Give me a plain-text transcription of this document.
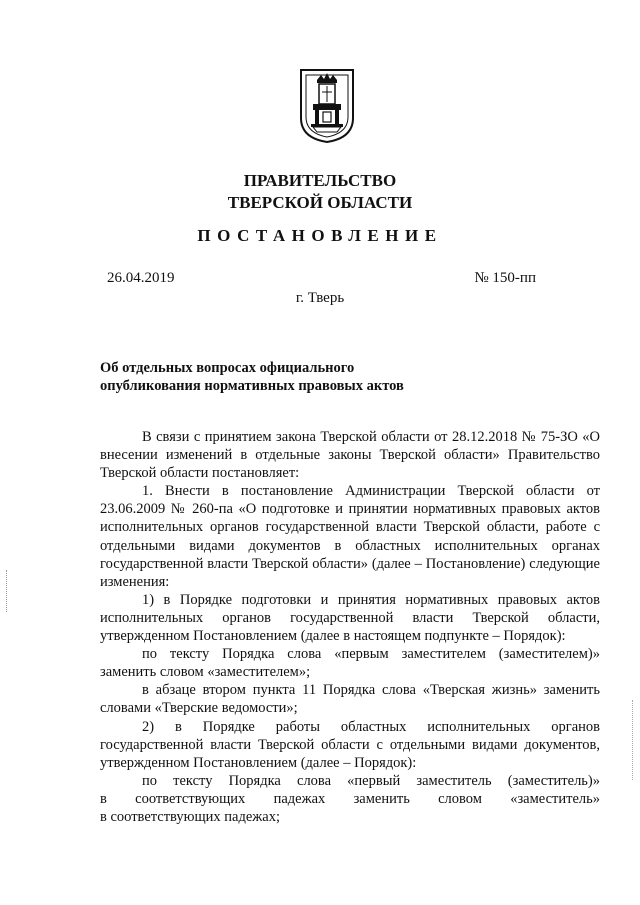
ПРАВИТЕЛЬСТВО
ТВЕРСКОЙ ОБЛАСТИ
ПОСТАНОВЛЕНИЕ
26.04.2019	№ 150-пп
г. Тверь
Об отдельных вопросах официального
опубликования нормативных правовых актов

В связи с принятием закона Тверской области от 28.12.2018 № 75-ЗО «О внесении изменений в отдельные законы Тверской области» Правительство Тверской области постановляет:

1. Внести в постановление Администрации Тверской области от 23.06.2009 № 260-па «О подготовке и принятии нормативных правовых актов исполнительных органов государственной власти Тверской области, работе с отдельными видами документов в областных исполнительных органах государственной власти Тверской области» (далее – Постановление) следующие изменения:

1) в Порядке подготовки и принятия нормативных правовых актов исполнительных органов государственной власти Тверской области, утвержденном Постановлением (далее в настоящем подпункте – Порядок):

по тексту Порядка слова «первым заместителем (заместителем)» заменить словом «заместителем»;

в абзаце втором пункта 11 Порядка слова «Тверская жизнь» заменить словами «Тверские ведомости»;

2) в Порядке работы областных исполнительных органов государственной власти Тверской области с отдельными видами документов, утвержденном Постановлением (далее – Порядок):

по тексту Порядка слова «первый заместитель (заместитель)»

в соответствующих падежах заменить словом «заместитель»

в соответствующих падежах;
